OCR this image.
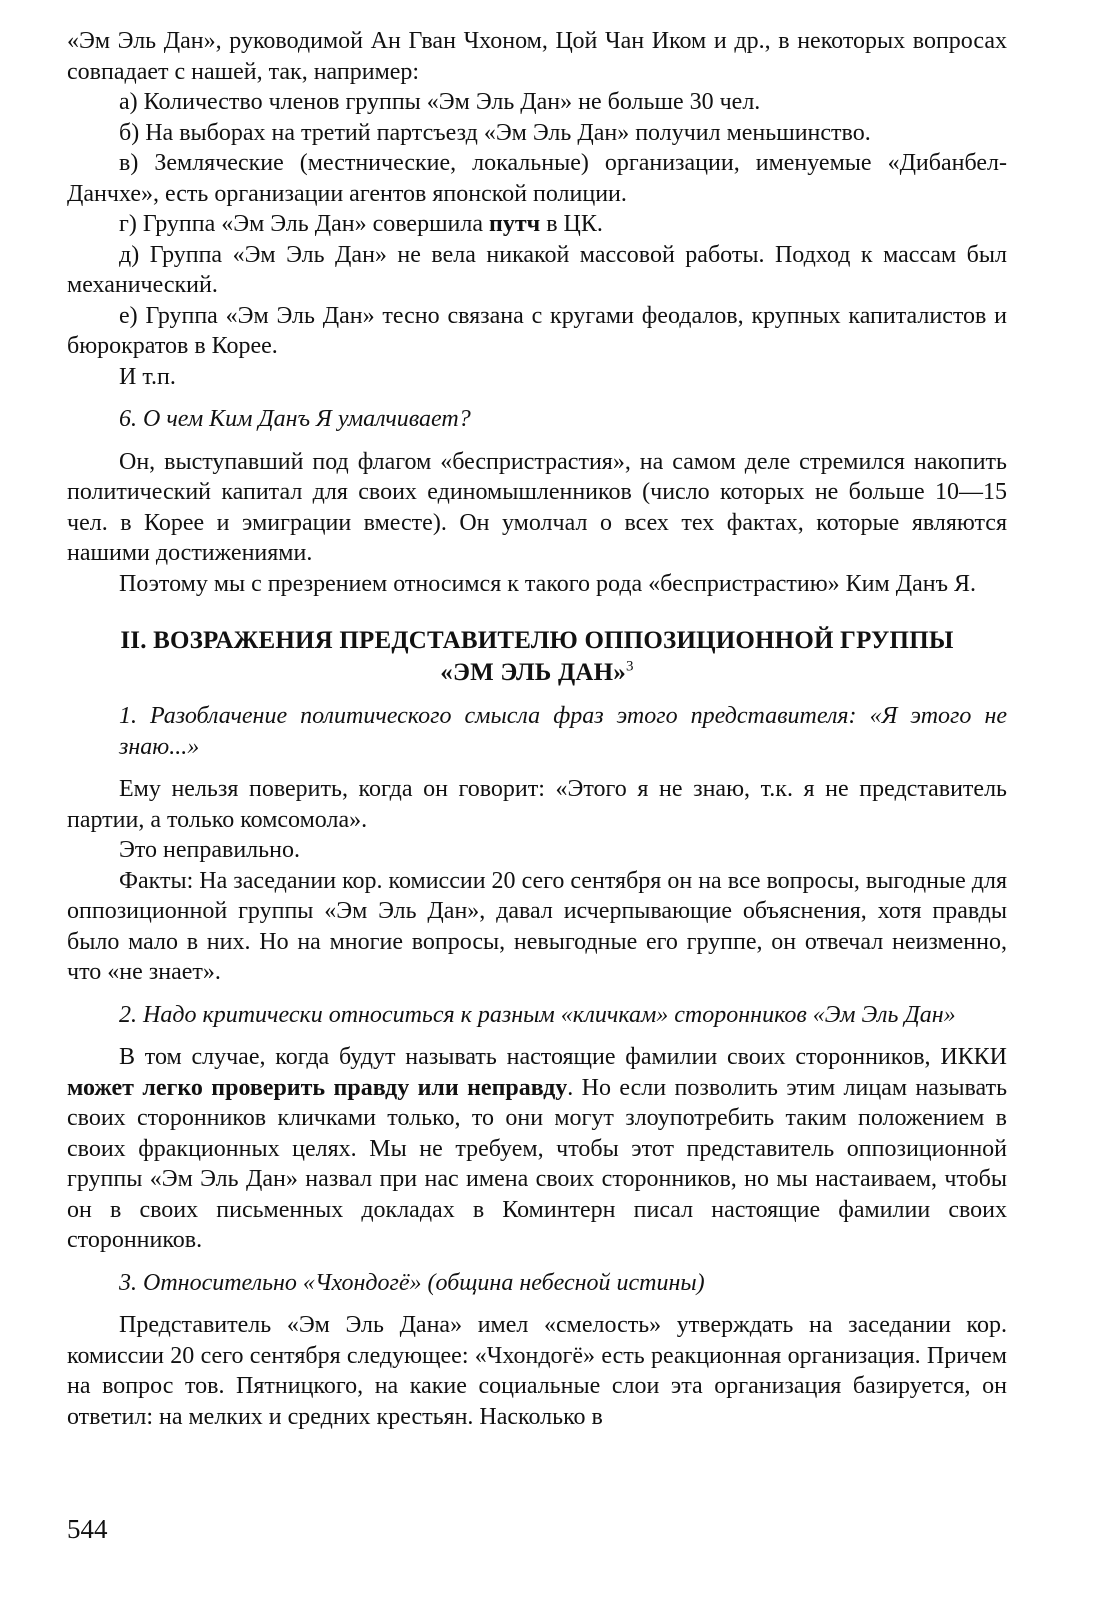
«Эм Эль Дан», руководимой Ан Гван Чхоном, Цой Чан Иком и др., в некоторых вопросах совпадает с нашей, так, например:

а) Количество членов группы «Эм Эль Дан» не больше 30 чел.

б) На выборах на третий партсъезд «Эм Эль Дан» получил меньшинство.

в) Землячеcкие (местнические, локальные) организации, именуемые «Дибанбел-Данчхе», есть организации агентов японской полиции.

г) Группа «Эм Эль Дан» совершила путч в ЦК.

д) Группа «Эм Эль Дан» не вела никакой массовой работы. Подход к массам был механический.

е) Группа «Эм Эль Дан» тесно связана с кругами феодалов, крупных капиталистов и бюрократов в Корее.

И т.п.

6. О чем Ким Данъ Я умалчивает?

Он, выступавший под флагом «беспристрастия», на самом деле стремился накопить политический капитал для своих единомышленников (число которых не больше 10—15 чел. в Корее и эмиграции вместе). Он умолчал о всех тех фактах, которые являются нашими достижениями.

Поэтому мы с презрением относимся к такого рода «беспристрастию» Ким Данъ Я.

II. ВОЗРАЖЕНИЯ ПРЕДСТАВИТЕЛЮ ОППОЗИЦИОННОЙ ГРУППЫ
«ЭМ ЭЛЬ ДАН»$^3$

1. Разоблачение политического смысла фраз этого представителя: «Я этого не знаю...»

Ему нельзя поверить, когда он говорит: «Этого я не знаю, т.к. я не представитель партии, а только комсомола».

Это неправильно.

Факты: На заседании кор. комиссии 20 сего сентября он на все вопросы, выгодные для оппозиционной группы «Эм Эль Дан», давал исчерпывающие объяснения, хотя правды было мало в них. Но на многие вопросы, невыгодные его группе, он отвечал неизменно, что «не знает».

2. Надо критически относиться к разным «кличкам» сторонников «Эм Эль Дан»

В том случае, когда будут называть настоящие фамилии своих сторонников, ИККИ может легко проверить правду или неправду. Но если позволить этим лицам называть своих сторонников кличками только, то они могут злоупотребить таким положением в своих фракционных целях. Мы не требуем, чтобы этот представитель оппозиционной группы «Эм Эль Дан» назвал при нас имена своих сторонников, но мы настаиваем, чтобы он в своих письменных докладах в Коминтерн писал настоящие фамилии своих сторонников.

3. Относительно «Чхондогё» (община небесной истины)

Представитель «Эм Эль Дана» имел «смелость» утверждать на заседании кор. комиссии 20 сего сентября следующее: «Чхондогё» есть реакционная организация. Причем на вопрос тов. Пятницкого, на какие социальные слои эта организация базируется, он ответил: на мелких и средних крестьян. Насколько в

544
